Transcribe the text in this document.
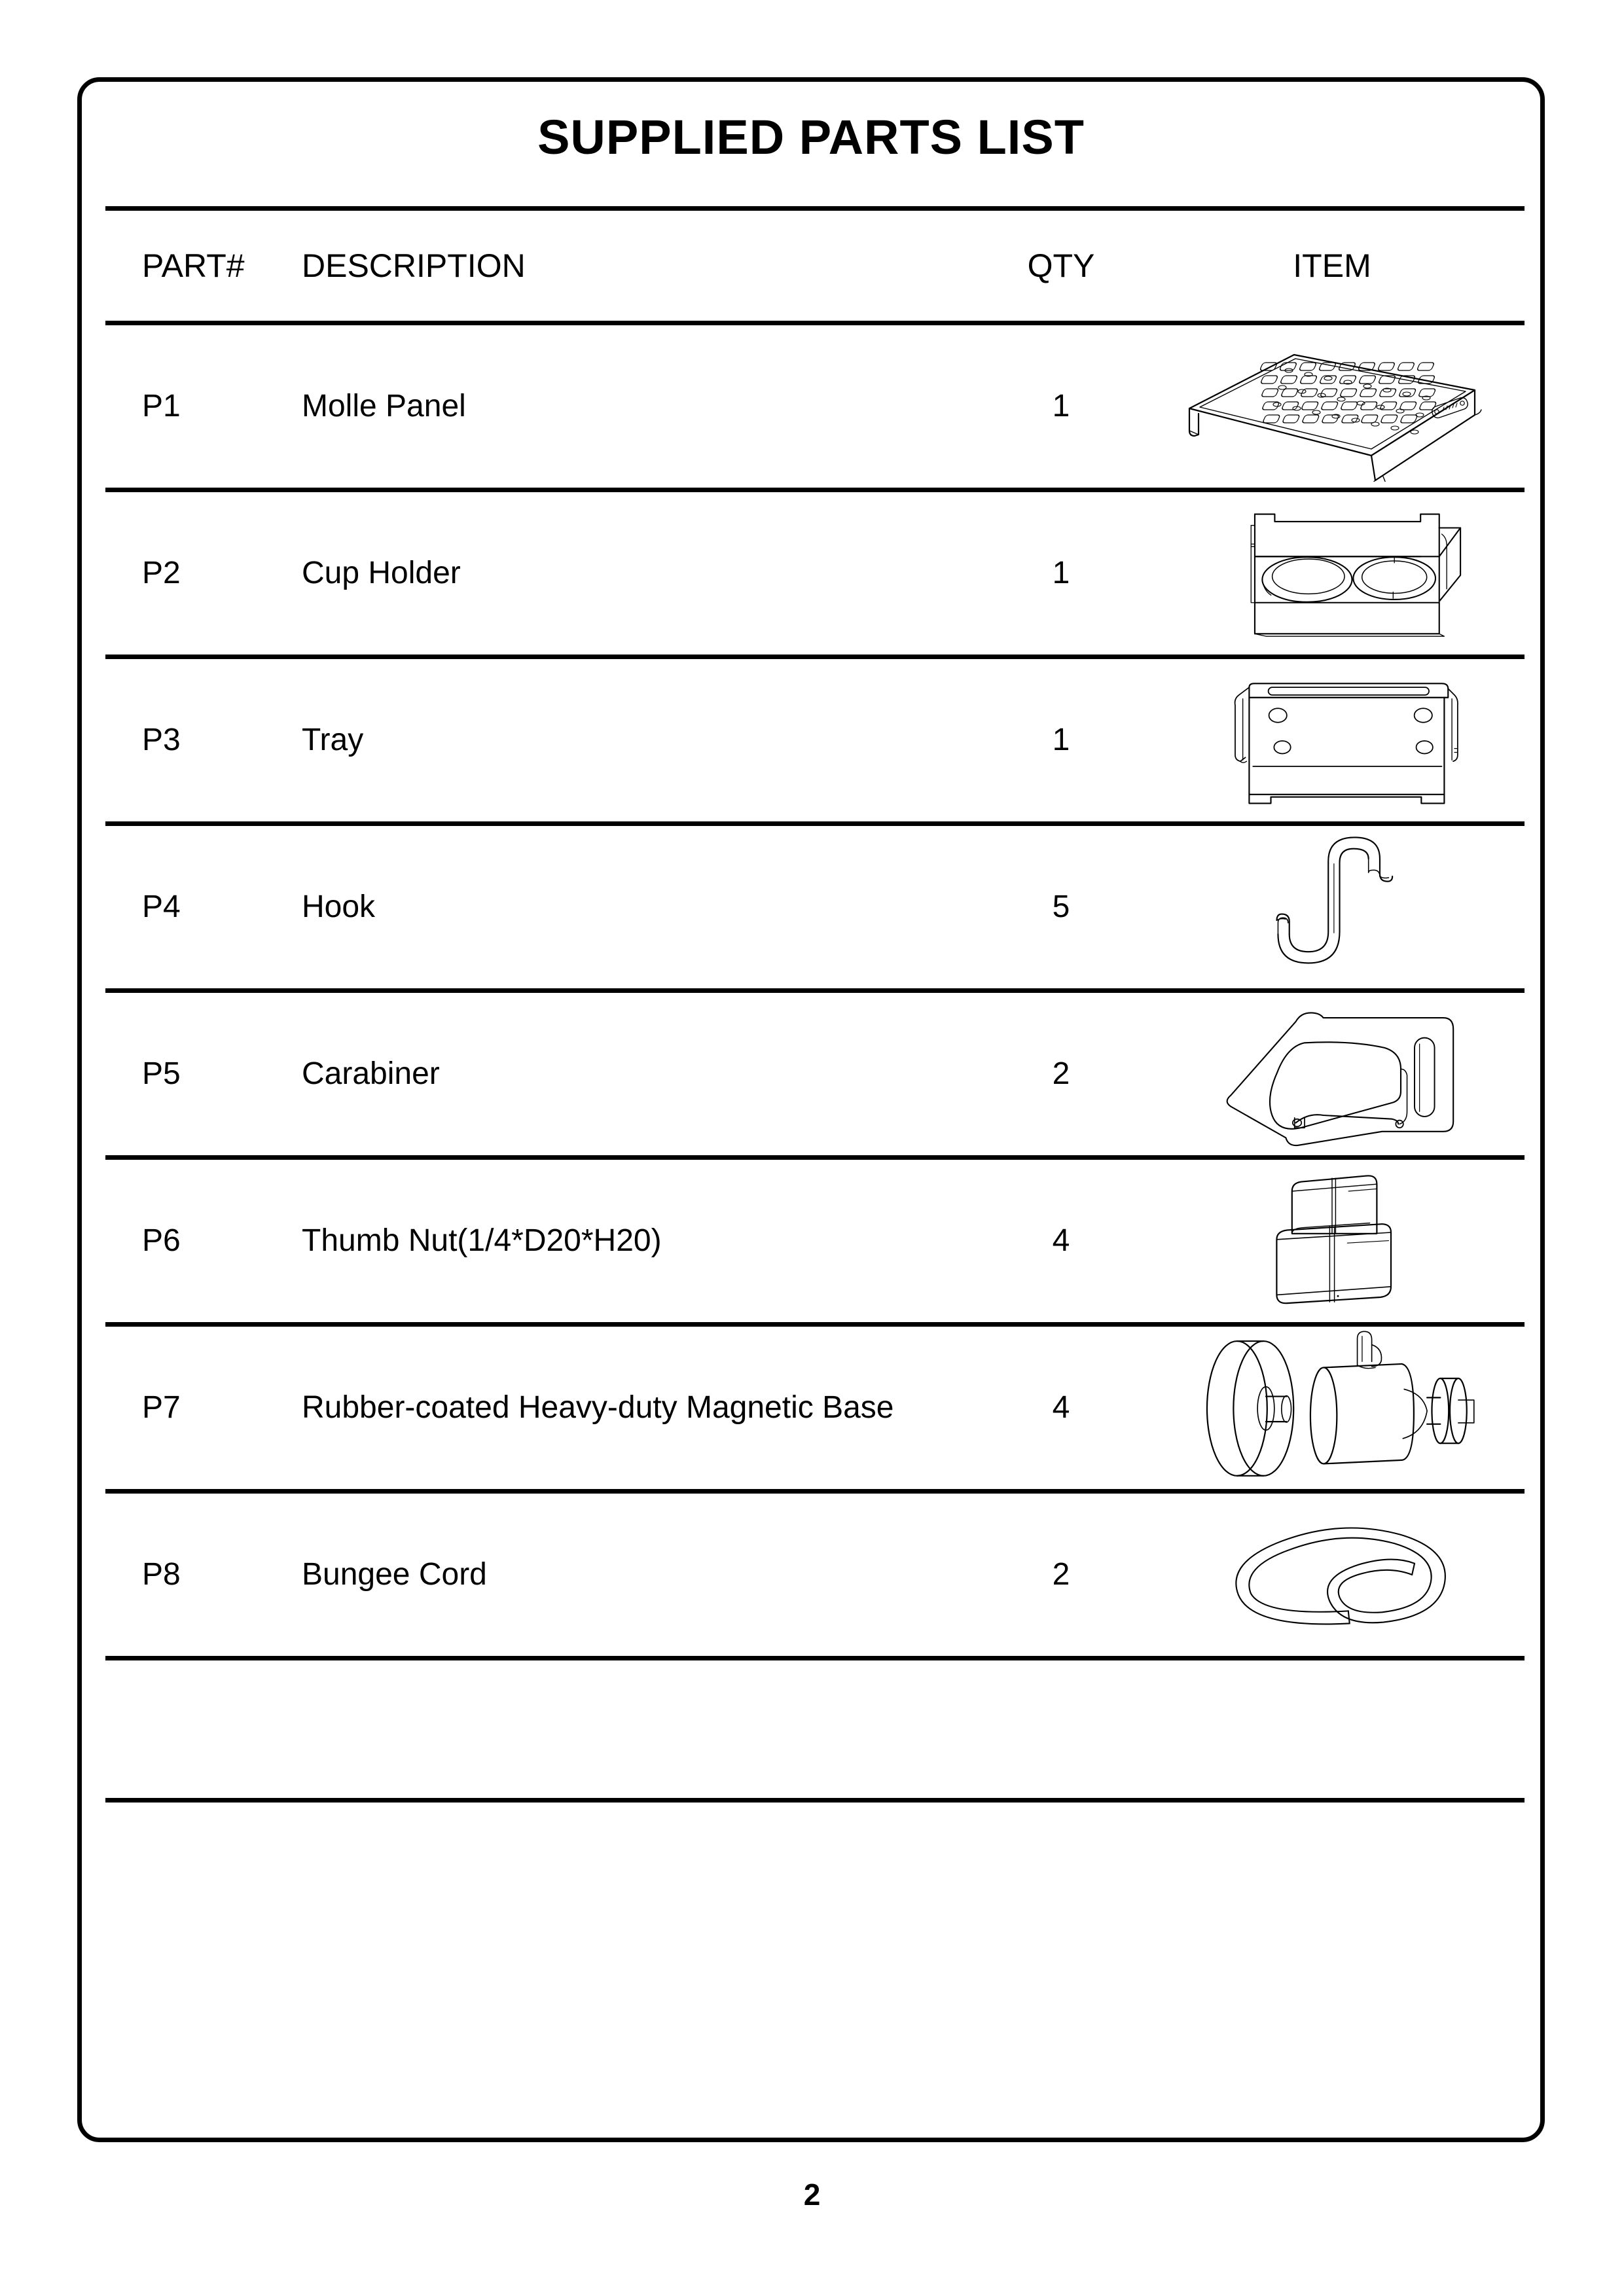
SUPPLIED PARTS LIST
PART# DESCRIPTION	QTY	ITEM
P1	Molle Panel	1
P2	Cup Holder	1
P3	Tray	1
P4	Hook	5
P5	Carabiner	2
P6	Thumb Nut(1/4*D20*H20)	4
P7	Rubber-coated Heavy-duty Magnetic Base	4
P8	Bungee Cord	2
2
